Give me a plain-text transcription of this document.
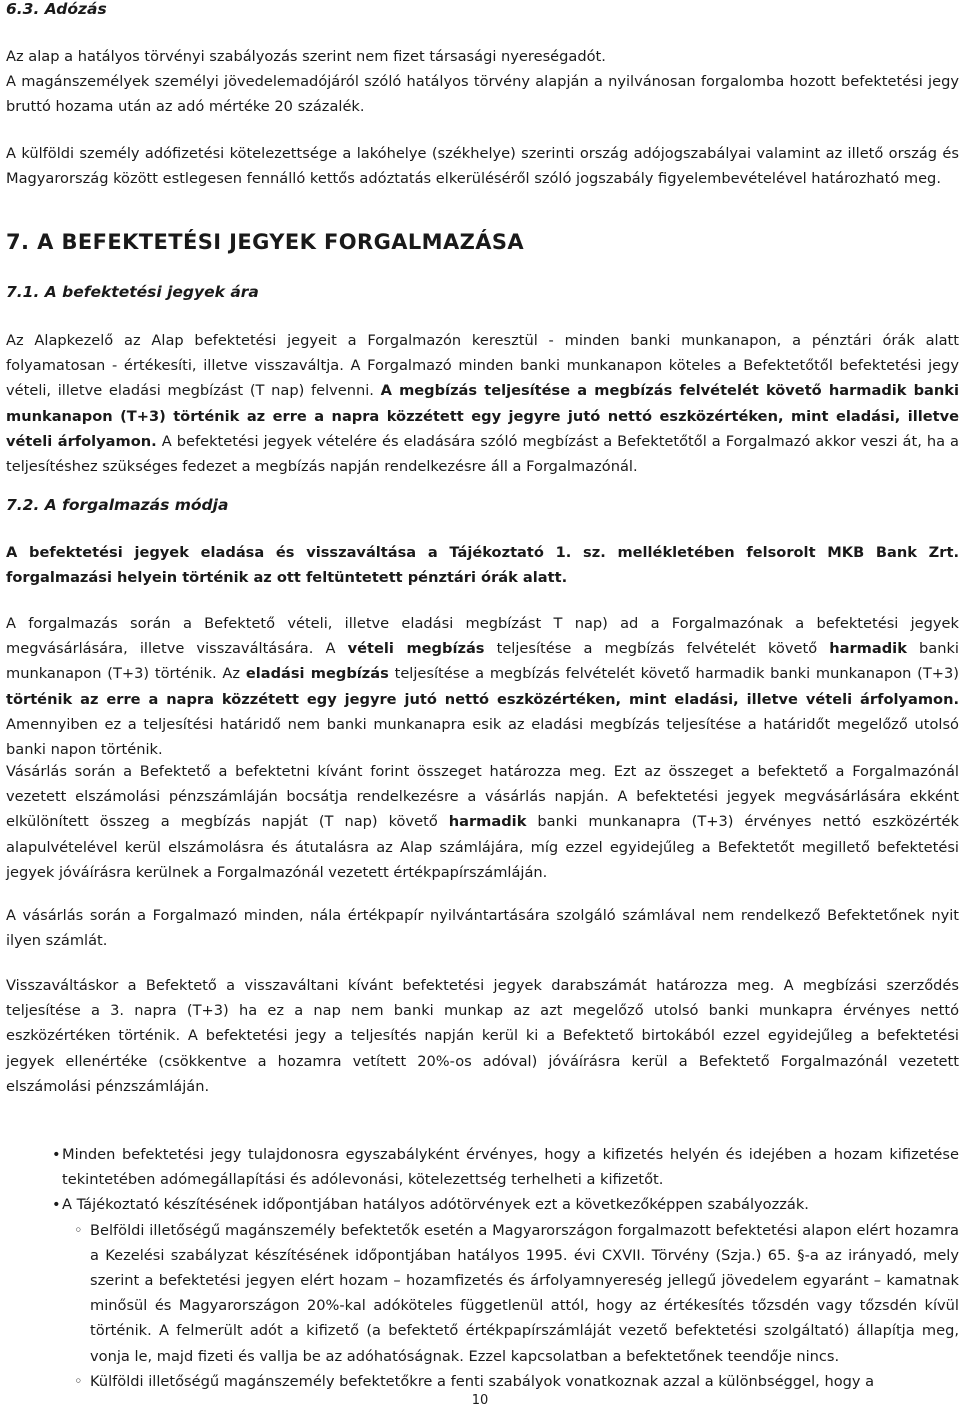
6.3. Adózás

Az alap a hatályos törvényi szabályozás szerint nem fizet társasági nyereségadót.

A magánszemélyek személyi jövedelemadójáról szóló hatályos törvény alapján a nyilvánosan forgalomba hozott befektetési jegy bruttó hozama után az adó mértéke 20 százalék.

A külföldi személy adófizetési kötelezettsége a lakóhelye (székhelye) szerinti ország adójogszabályai valamint az illető ország és Magyarország között estlegesen fennálló kettős adóztatás elkerüléséről szóló jogszabály figyelembevételével határozható meg.

7. A BEFEKTETÉSI JEGYEK FORGALMAZÁSA
7.1. A befektetési jegyek ára

Az Alapkezelő az Alap befektetési jegyeit a Forgalmazón keresztül - minden banki munkanapon, a pénztári órák alatt folyamatosan - értékesíti, illetve visszaváltja. A Forgalmazó minden banki munkanapon köteles a Befektetőtől befektetési jegy vételi, illetve eladási megbízást (T nap) felvenni. A megbízás teljesítése a megbízás felvételét követő harmadik banki munkanapon (T+3) történik az erre a napra közzétett egy jegyre jutó nettó eszközértéken, mint eladási, illetve vételi árfolyamon. A befektetési jegyek vételére és eladására szóló megbízást a Befektetőtől a Forgalmazó akkor veszi át, ha a teljesítéshez szükséges fedezet a megbízás napján rendelkezésre áll a Forgalmazónál.

7.2. A forgalmazás módja

A befektetési jegyek eladása és visszaváltása a Tájékoztató 1. sz. mellékletében felsorolt MKB Bank Zrt. forgalmazási helyein történik az ott feltüntetett pénztári órák alatt.

A forgalmazás során a Befektető vételi, illetve eladási megbízást T nap) ad a Forgalmazónak a befektetési jegyek megvásárlására, illetve visszaváltására. A vételi megbízás teljesítése a megbízás felvételét követő harmadik banki munkanapon (T+3) történik. Az eladási megbízás teljesítése a megbízás felvételét követő harmadik banki munkanapon (T+3) történik az erre a napra közzétett egy jegyre jutó nettó eszközértéken, mint eladási, illetve vételi árfolyamon. Amennyiben ez a teljesítési határidő nem banki munkanapra esik az eladási megbízás teljesítése a határidőt megelőző utolsó banki napon történik.

Vásárlás során a Befektető a befektetni kívánt forint összeget határozza meg. Ezt az összeget a befektető a Forgalmazónál vezetett elszámolási pénzszámláján bocsátja rendelkezésre a vásárlás napján. A befektetési jegyek megvásárlására ekként elkülönített összeg a megbízás napját (T nap) követő harmadik banki munkanapra (T+3) érvényes nettó eszközérték alapulvételével kerül elszámolásra és átutalásra az Alap számlájára, míg ezzel egyidejűleg a Befektetőt megillető befektetési jegyek jóváírásra kerülnek a Forgalmazónál vezetett értékpapírszámláján.

A vásárlás során a Forgalmazó minden, nála értékpapír nyilvántartására szolgáló számlával nem rendelkező Befektetőnek nyit ilyen számlát.

Visszaváltáskor a Befektető a visszaváltani kívánt befektetési jegyek darabszámát határozza meg. A megbízási szerződés teljesítése a 3. napra (T+3) ha ez a nap nem banki munkap az azt megelőző utolsó banki munkapra érvényes nettó eszközértéken történik. A befektetési jegy a teljesítés napján kerül ki a Befektető birtokából ezzel egyidejűleg a befektetési jegyek ellenértéke (csökkentve a hozamra vetített 20%-os adóval) jóváírásra kerül a Befektető Forgalmazónál vezetett elszámolási pénzszámláján.

• Minden befektetési jegy tulajdonosra egyszabályként érvényes, hogy a kifizetés helyén és idejében a hozam kifizetése tekintetében adómegállapítási és adólevonási, kötelezettség terhelheti a kifizetőt.
• A Tájékoztató készítésének időpontjában hatályos adótörvények ezt a következőképpen szabályozzák.
◦ Belföldi illetőségű magánszemély befektetők esetén a Magyarországon forgalmazott befektetési alapon elért hozamra a Kezelési szabályzat készítésének időpontjában hatályos 1995. évi CXVII. Törvény (Szja.) 65. §-a az irányadó, mely szerint a befektetési jegyen elért hozam – hozamfizetés és árfolyamnyereség jellegű jövedelem egyaránt – kamatnak minősül és Magyarországon 20%-kal adóköteles függetlenül attól, hogy az értékesítés tőzsdén vagy tőzsdén kívül történik. A felmerült adót a kifizető (a befektető értékpapírszámláját vezető befektetési szolgáltató) állapítja meg, vonja le, majd fizeti és vallja be az adóhatóságnak. Ezzel kapcsolatban a befektetőnek teendője nincs.
◦ Külföldi illetőségű magánszemély befektetőkre a fenti szabályok vonatkoznak azzal a különbséggel, hogy a
10
